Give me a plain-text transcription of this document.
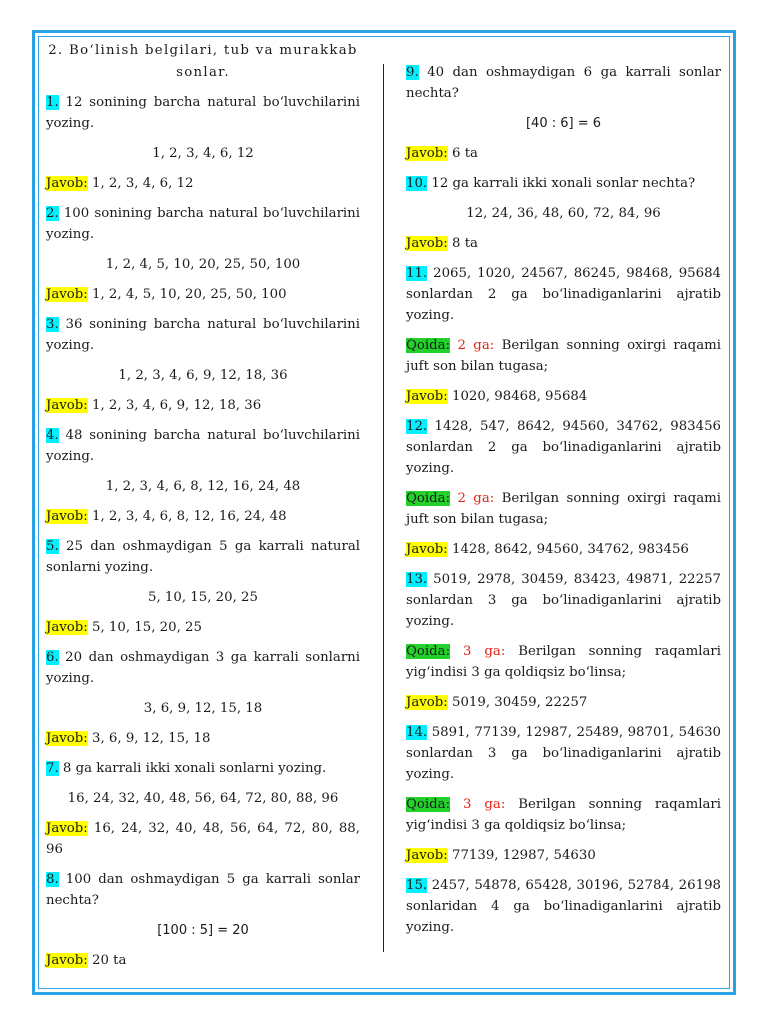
2. Bo‘linish belgilari, tub va murakkab sonlar.
1. 12 sonining barcha natural bo‘luvchilarini yozing.
1, 2, 3, 4, 6, 12
Javob: 1, 2, 3, 4, 6, 12
2. 100 sonining barcha natural bo‘luvchilarini yozing.
1, 2, 4, 5, 10, 20, 25, 50, 100
Javob: 1, 2, 4, 5, 10, 20, 25, 50, 100
3. 36 sonining barcha natural bo‘luvchilarini yozing.
1, 2, 3, 4, 6, 9, 12, 18, 36
Javob: 1, 2, 3, 4, 6, 9, 12, 18, 36
4. 48 sonining barcha natural bo‘luvchilarini yozing.
1, 2, 3, 4, 6, 8, 12, 16, 24, 48
Javob: 1, 2, 3, 4, 6, 8, 12, 16, 24, 48
5. 25 dan oshmaydigan 5 ga karrali natural sonlarni yozing.
5, 10, 15, 20, 25
Javob: 5, 10, 15, 20, 25
6. 20 dan oshmaydigan 3 ga karrali sonlarni yozing.
3, 6, 9, 12, 15, 18
Javob: 3, 6, 9, 12, 15, 18
7. 8 ga karrali ikki xonali sonlarni yozing.
16, 24, 32, 40, 48, 56, 64, 72, 80, 88, 96
Javob: 16, 24, 32, 40, 48, 56, 64, 72, 80, 88, 96
8. 100 dan oshmaydigan 5 ga karrali sonlar nechta?
[100 : 5] = 20
Javob: 20 ta
9. 40 dan oshmaydigan 6 ga karrali sonlar nechta?
[40 : 6] = 6
Javob: 6 ta
10. 12 ga karrali ikki xonali sonlar nechta?
12, 24, 36, 48, 60, 72, 84, 96
Javob: 8 ta
11. 2065, 1020, 24567, 86245, 98468, 95684 sonlardan 2 ga bo‘linadiganlarini ajratib yozing.
Qoida: 2 ga: Berilgan sonning oxirgi raqami juft son bilan tugasa;
Javob: 1020, 98468, 95684
12. 1428, 547, 8642, 94560, 34762, 983456 sonlardan 2 ga bo‘linadiganlarini ajratib yozing.
Qoida: 2 ga: Berilgan sonning oxirgi raqami juft son bilan tugasa;
Javob: 1428, 8642, 94560, 34762, 983456
13. 5019, 2978, 30459, 83423, 49871, 22257 sonlardan 3 ga bo‘linadiganlarini ajratib yozing.
Qoida: 3 ga: Berilgan sonning raqamlari yig‘indisi 3 ga qoldiqsiz bo‘linsa;
Javob: 5019, 30459, 22257
14. 5891, 77139, 12987, 25489, 98701, 54630 sonlardan 3 ga bo‘linadiganlarini ajratib yozing.
Qoida: 3 ga: Berilgan sonning raqamlari yig‘indisi 3 ga qoldiqsiz bo‘linsa;
Javob: 77139, 12987, 54630
15. 2457, 54878, 65428, 30196, 52784, 26198 sonlaridan 4 ga bo‘linadiganlarini ajratib yozing.
